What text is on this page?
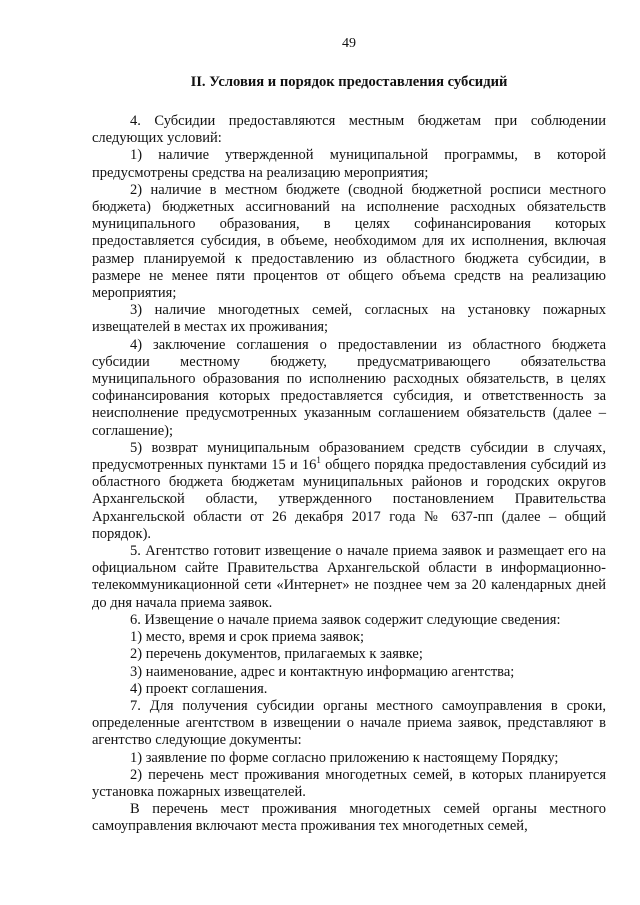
49
II. Условия и порядок предоставления субсидий

4. Субсидии предоставляются местным бюджетам при соблюдении следующих условий:

1) наличие утвержденной муниципальной программы, в которой предусмотрены средства на реализацию мероприятия;

2) наличие в местном бюджете (сводной бюджетной росписи местного бюджета) бюджетных ассигнований на исполнение расходных обязательств муниципального образования, в целях софинансирования которых предоставляется субсидия, в объеме, необходимом для их исполнения, включая размер планируемой к предоставлению из областного бюджета субсидии, в размере не менее пяти процентов от общего объема средств на реализацию мероприятия;

3) наличие многодетных семей, согласных на установку пожарных извещателей в местах их проживания;

4) заключение соглашения о предоставлении из областного бюджета субсидии местному бюджету, предусматривающего обязательства муниципального образования по исполнению расходных обязательств, в целях софинансирования которых предоставляется субсидия, и ответственность за неисполнение предусмотренных указанным соглашением обязательств (далее – соглашение);

5) возврат муниципальным образованием средств субсидии в случаях, предусмотренных пунктами 15 и $16^1$ общего порядка предоставления субсидий из областного бюджета бюджетам муниципальных районов и городских округов Архангельской области, утвержденного постановлением Правительства Архангельской области от 26 декабря 2017 года № 637-пп (далее – общий порядок).

5. Агентство готовит извещение о начале приема заявок и размещает его на официальном сайте Правительства Архангельской области в информационно-телекоммуникационной сети «Интернет» не позднее чем за 20 календарных дней до дня начала приема заявок.

6. Извещение о начале приема заявок содержит следующие сведения:

1) место, время и срок приема заявок;

2) перечень документов, прилагаемых к заявке;

3) наименование, адрес и контактную информацию агентства;

4) проект соглашения.

7. Для получения субсидии органы местного самоуправления в сроки, определенные агентством в извещении о начале приема заявок, представляют в агентство следующие документы:

1) заявление по форме согласно приложению к настоящему Порядку;

2) перечень мест проживания многодетных семей, в которых планируется установка пожарных извещателей.

В перечень мест проживания многодетных семей органы местного самоуправления включают места проживания тех многодетных семей,
